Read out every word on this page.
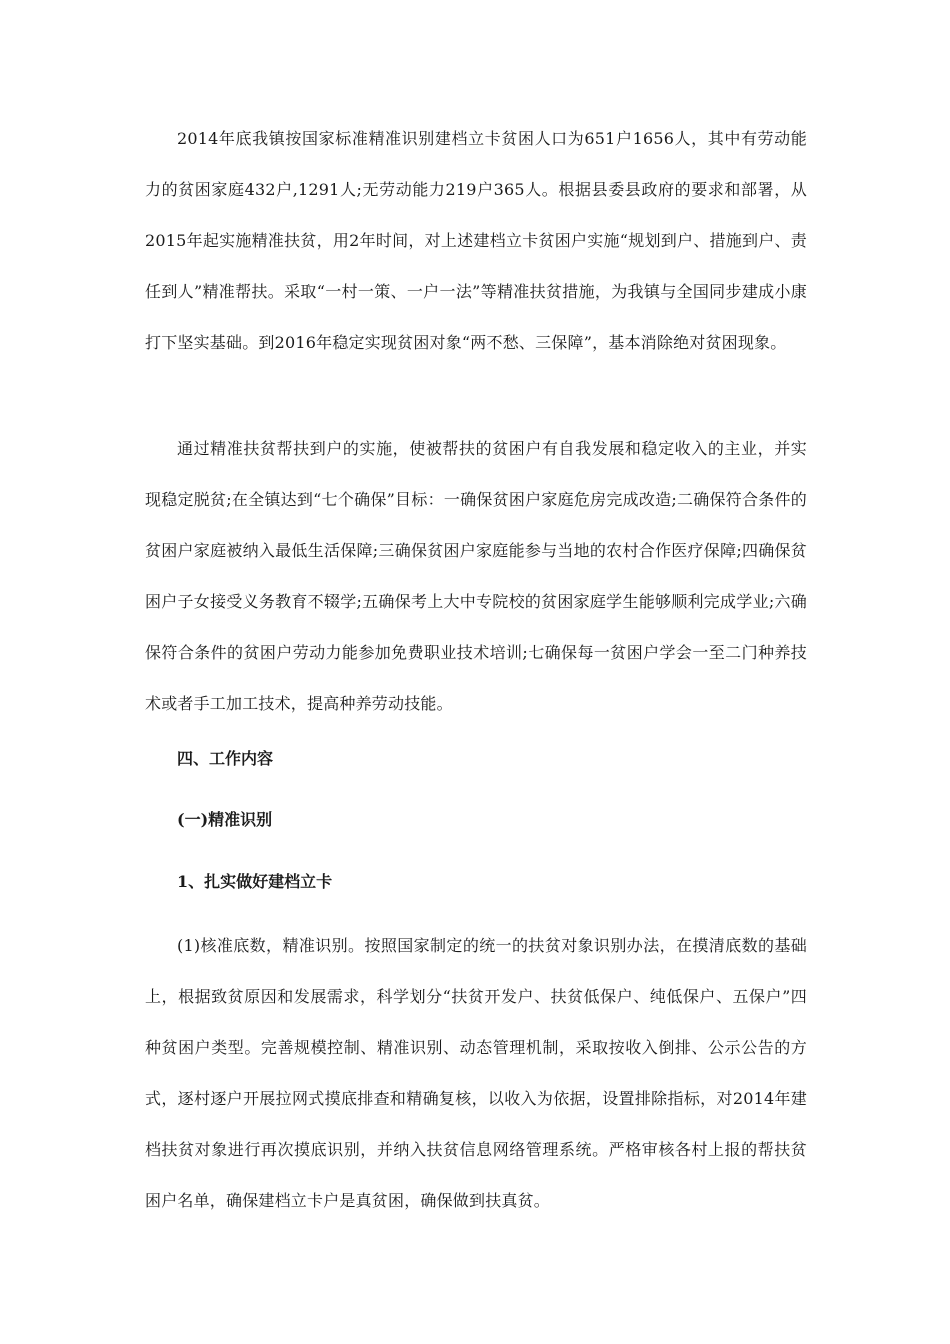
2014年底我镇按国家标准精准识别建档立卡贫困人口为651户1656人，其中有劳动能力的贫困家庭432户,1291人;无劳动能力219户365人。根据县委县政府的要求和部署，从2015年起实施精准扶贫，用2年时间，对上述建档立卡贫困户实施“规划到户、措施到户、责任到人”精准帮扶。采取“一村一策、一户一法”等精准扶贫措施，为我镇与全国同步建成小康打下坚实基础。到2016年稳定实现贫困对象“两不愁、三保障”，基本消除绝对贫困现象。

通过精准扶贫帮扶到户的实施，使被帮扶的贫困户有自我发展和稳定收入的主业，并实现稳定脱贫;在全镇达到“七个确保”目标：一确保贫困户家庭危房完成改造;二确保符合条件的贫困户家庭被纳入最低生活保障;三确保贫困户家庭能参与当地的农村合作医疗保障;四确保贫困户子女接受义务教育不辍学;五确保考上大中专院校的贫困家庭学生能够顺利完成学业;六确保符合条件的贫困户劳动力能参加免费职业技术培训;七确保每一贫困户学会一至二门种养技术或者手工加工技术，提高种养劳动技能。

四、工作内容
(一)精准识别
1、扎实做好建档立卡

(1)核准底数，精准识别。按照国家制定的统一的扶贫对象识别办法，在摸清底数的基础上，根据致贫原因和发展需求，科学划分“扶贫开发户、扶贫低保户、纯低保户、五保户”四种贫困户类型。完善规模控制、精准识别、动态管理机制，采取按收入倒排、公示公告的方式，逐村逐户开展拉网式摸底排查和精确复核，以收入为依据，设置排除指标，对2014年建档扶贫对象进行再次摸底识别，并纳入扶贫信息网络管理系统。严格审核各村上报的帮扶贫困户名单，确保建档立卡户是真贫困，确保做到扶真贫。
